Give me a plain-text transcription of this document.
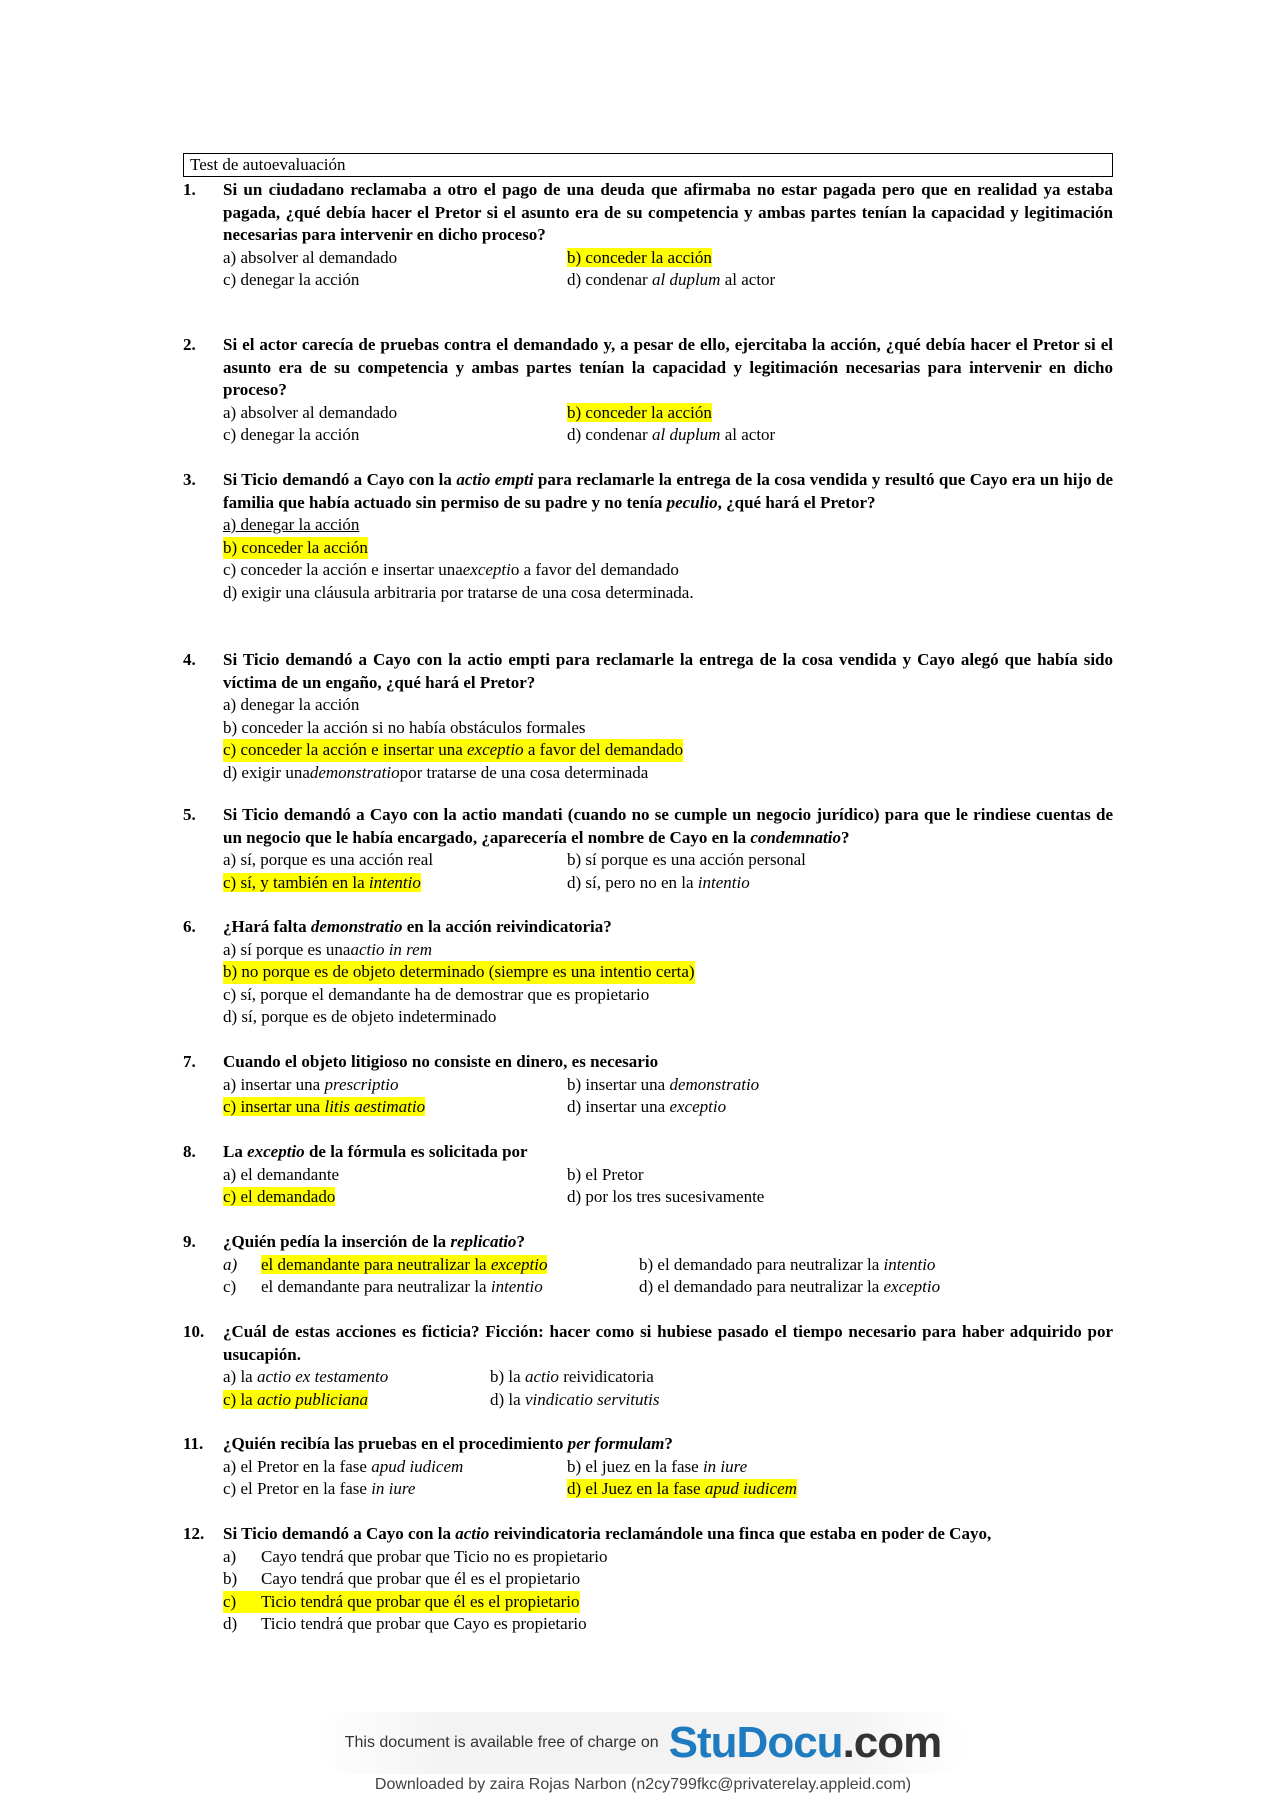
Test de autoevaluación
1. Si un ciudadano reclamaba a otro el pago de una deuda que afirmaba no estar pagada pero que en realidad ya estaba pagada, ¿qué debía hacer el Pretor si el asunto era de su competencia y ambas partes tenían la capacidad y legitimación necesarias para intervenir en dicho proceso?
a) absolver al demandado	b) conceder la acción
c) denegar la acción	d) condenar al duplum al actor
2. Si el actor carecía de pruebas contra el demandado y, a pesar de ello, ejercitaba la acción, ¿qué debía hacer el Pretor si el asunto era de su competencia y ambas partes tenían la capacidad y legitimación necesarias para intervenir en dicho proceso?
a) absolver al demandado	b) conceder la acción
c) denegar la acción	d) condenar al duplum al actor
3. Si Ticio demandó a Cayo con la actio empti para reclamarle la entrega de la cosa vendida y resultó que Cayo era un hijo de familia que había actuado sin permiso de su padre y no tenía peculio, ¿qué hará el Pretor?
a) denegar la acción
b) conceder la acción
c) conceder la acción e insertar una excepti o a favor del demandado
d) exigir una cláusula arbitraria por tratarse de una cosa determinada.
4. Si Ticio demandó a Cayo con la actio empti para reclamarle la entrega de la cosa vendida y Cayo alegó que había sido víctima de un engaño, ¿qué hará el Pretor?
a) denegar la acción
b) conceder la acción si no había obstáculos formales
c) conceder la acción e insertar una exceptio a favor del demandado
d) exigir una demonstratio por tratarse de una cosa determinada
5. Si Ticio demandó a Cayo con la actio mandati (cuando no se cumple un negocio jurídico) para que le rindiese cuentas de un negocio que le había encargado, ¿aparecería el nombre de Cayo en la condemnatio?
a) sí, porque es una acción real	b) sí porque es una acción personal
c) sí, y también en la intentio	d) sí, pero no en la intentio
6. ¿Hará falta demonstratio en la acción reivindicatoria?
a) sí porque es una actio in rem
b) no porque es de objeto determinado (siempre es una intentio certa)
c) sí, porque el demandante ha de demostrar que es propietario
d) sí, porque es de objeto indeterminado
7. Cuando el objeto litigioso no consiste en dinero, es necesario
a) insertar una prescriptio	b) insertar una demonstratio
c) insertar una litis aestimatio	d) insertar una exceptio
8. La exceptio de la fórmula es solicitada por
a) el demandante	b) el Pretor
c) el demandado	d) por los tres sucesivamente
9. ¿Quién pedía la inserción de la replicatio?
a) el demandante para neutralizar la exceptio	b) el demandado para neutralizar la intentio
c) el demandante para neutralizar la intentio	d) el demandado para neutralizar la exceptio
10. ¿Cuál de estas acciones es ficticia? Ficción: hacer como si hubiese pasado el tiempo necesario para haber adquirido por usucapión.
a) la actio ex testamento	b) la actio reividicatoria
c) la actio publiciana	d) la vindicatio servitutis
11. ¿Quién recibía las pruebas en el procedimiento per formulam?
a) el Pretor en la fase apud iudicem	b) el juez en la fase in iure
c) el Pretor en la fase in iure	d) el Juez en la fase apud iudicem
12. Si Ticio demandó a Cayo con la actio reivindicatoria reclamándole una finca que estaba en poder de Cayo,
a)	Cayo tendrá que probar que Ticio no es propietario
b)	Cayo tendrá que probar que él es el propietario
c) Ticio tendrá que probar que él es el propietario
d)	Ticio tendrá que probar que Cayo es propietario
This document is available free of charge on StuDocu.com
Downloaded by zaira Rojas Narbon (n2cy799fkc@privaterelay.appleid.com)
